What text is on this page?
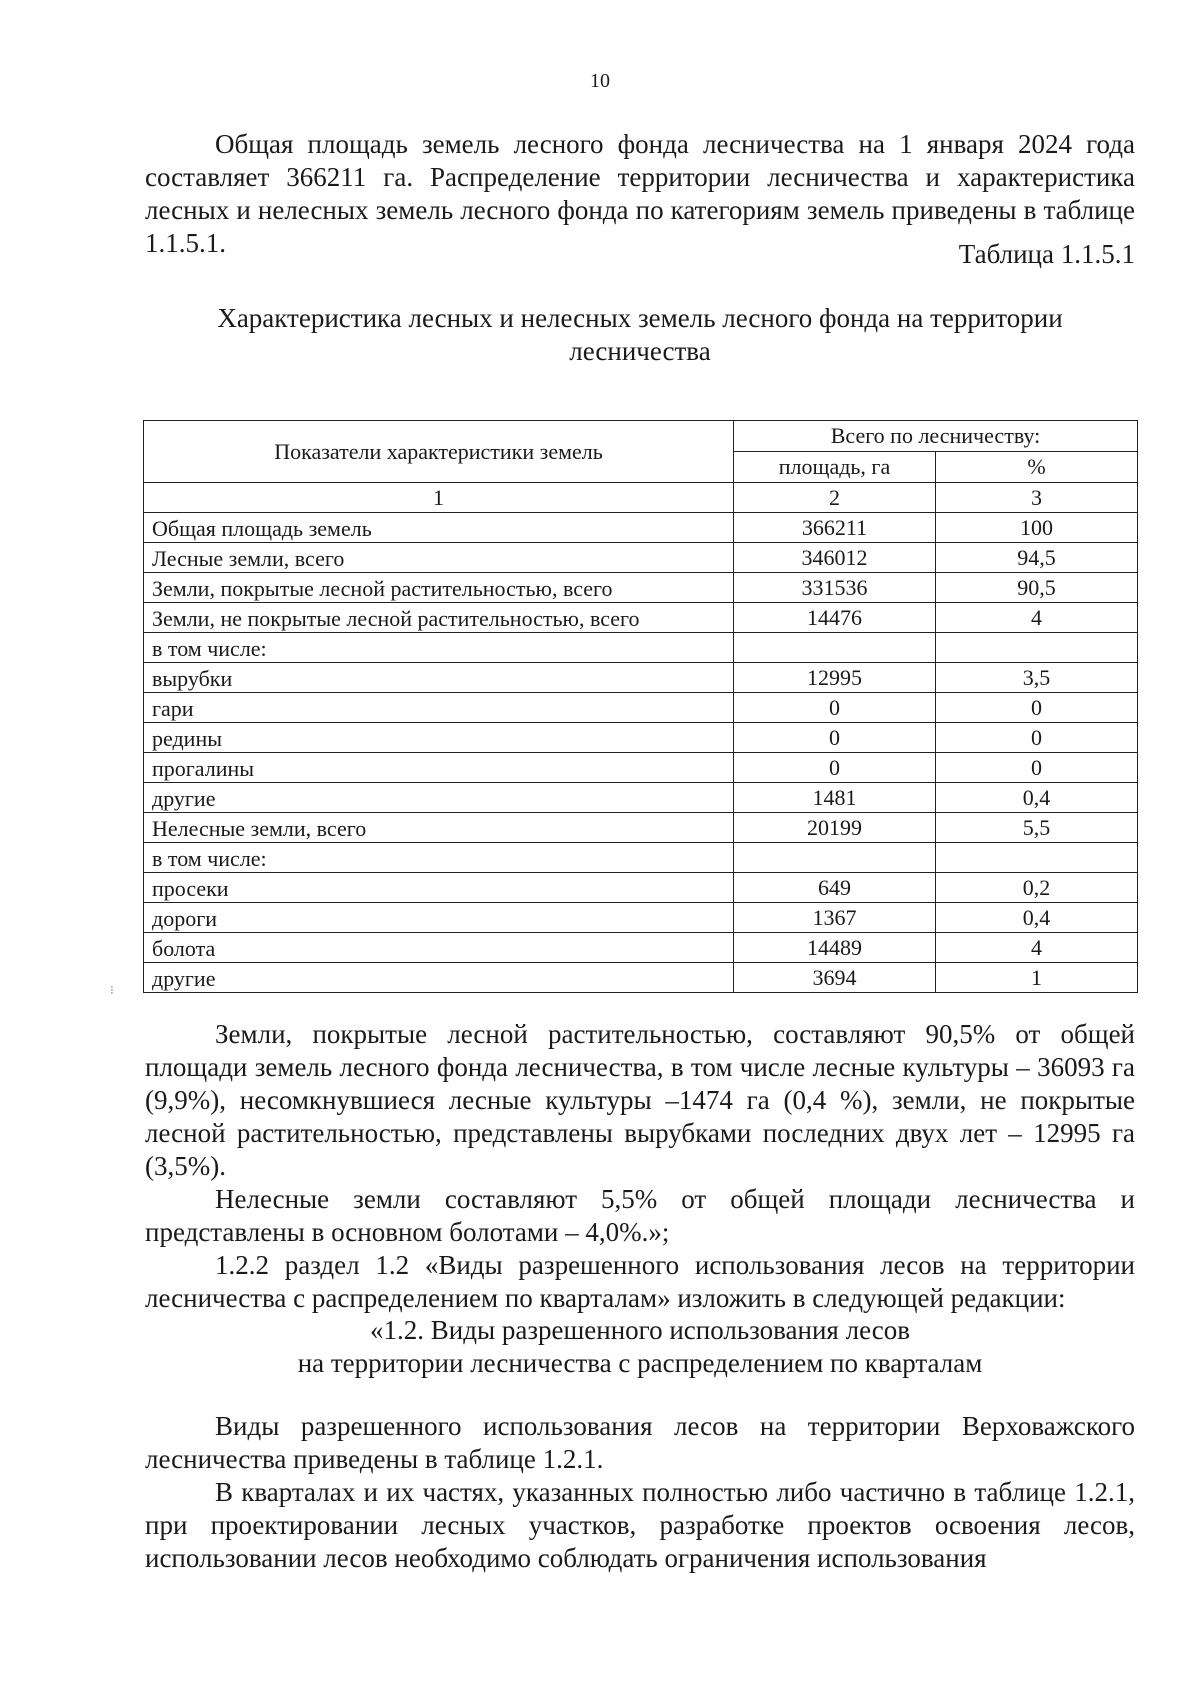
10
Общая площадь земель лесного фонда лесничества на 1 января 2024 года составляет 366211 га. Распределение территории лесничества и характеристика лесных и нелесных земель лесного фонда по категориям земель приведены в таблице 1.1.5.1.	Таблица 1.1.5.1
Характеристика лесных и нелесных земель лесного фонда на территории
лесничества
Показатели характеристики земель	Всего по лесничеству:	
	площадь, га	%
1	2	3
Общая площадь земель	366211	100
Лесные земли, всего	346012	94,5
Земли, покрытые лесной растительностью, всего	331536	90,5
Земли, не покрытые лесной растительностью, всего	14476	4
в том числе:		
вырубки	12995	3,5
гари	0	0
редины	0	0
прогалины	0	0
другие	1481	0,4
Нелесные земли, всего	20199	5,5
в том числе:		
просеки	649	0,2
дороги	1367	0,4
болота	14489	4
другие	3694	1
⁝
Земли, покрытые лесной растительностью, составляют 90,5% от общей площади земель лесного фонда лесничества, в том числе лесные культуры – 36093 га (9,9%), несомкнувшиеся лесные культуры –1474 га (0,4 %), земли, не покрытые лесной растительностью, представлены вырубками последних двух лет – 12995 га (3,5%).
Нелесные земли составляют 5,5% от общей площади лесничества и представлены в основном болотами – 4,0%.»;
1.2.2 раздел 1.2 «Виды разрешенного использования лесов на территории лесничества с распределением по кварталам» изложить в следующей редакции:
«1.2. Виды разрешенного использования лесов
на территории лесничества с распределением по кварталам
Виды разрешенного использования лесов на территории Верховажского лесничества приведены в таблице 1.2.1.
В кварталах и их частях, указанных полностью либо частично в таблице 1.2.1, при проектировании лесных участков, разработке проектов освоения лесов, использовании лесов необходимо соблюдать ограничения использования
